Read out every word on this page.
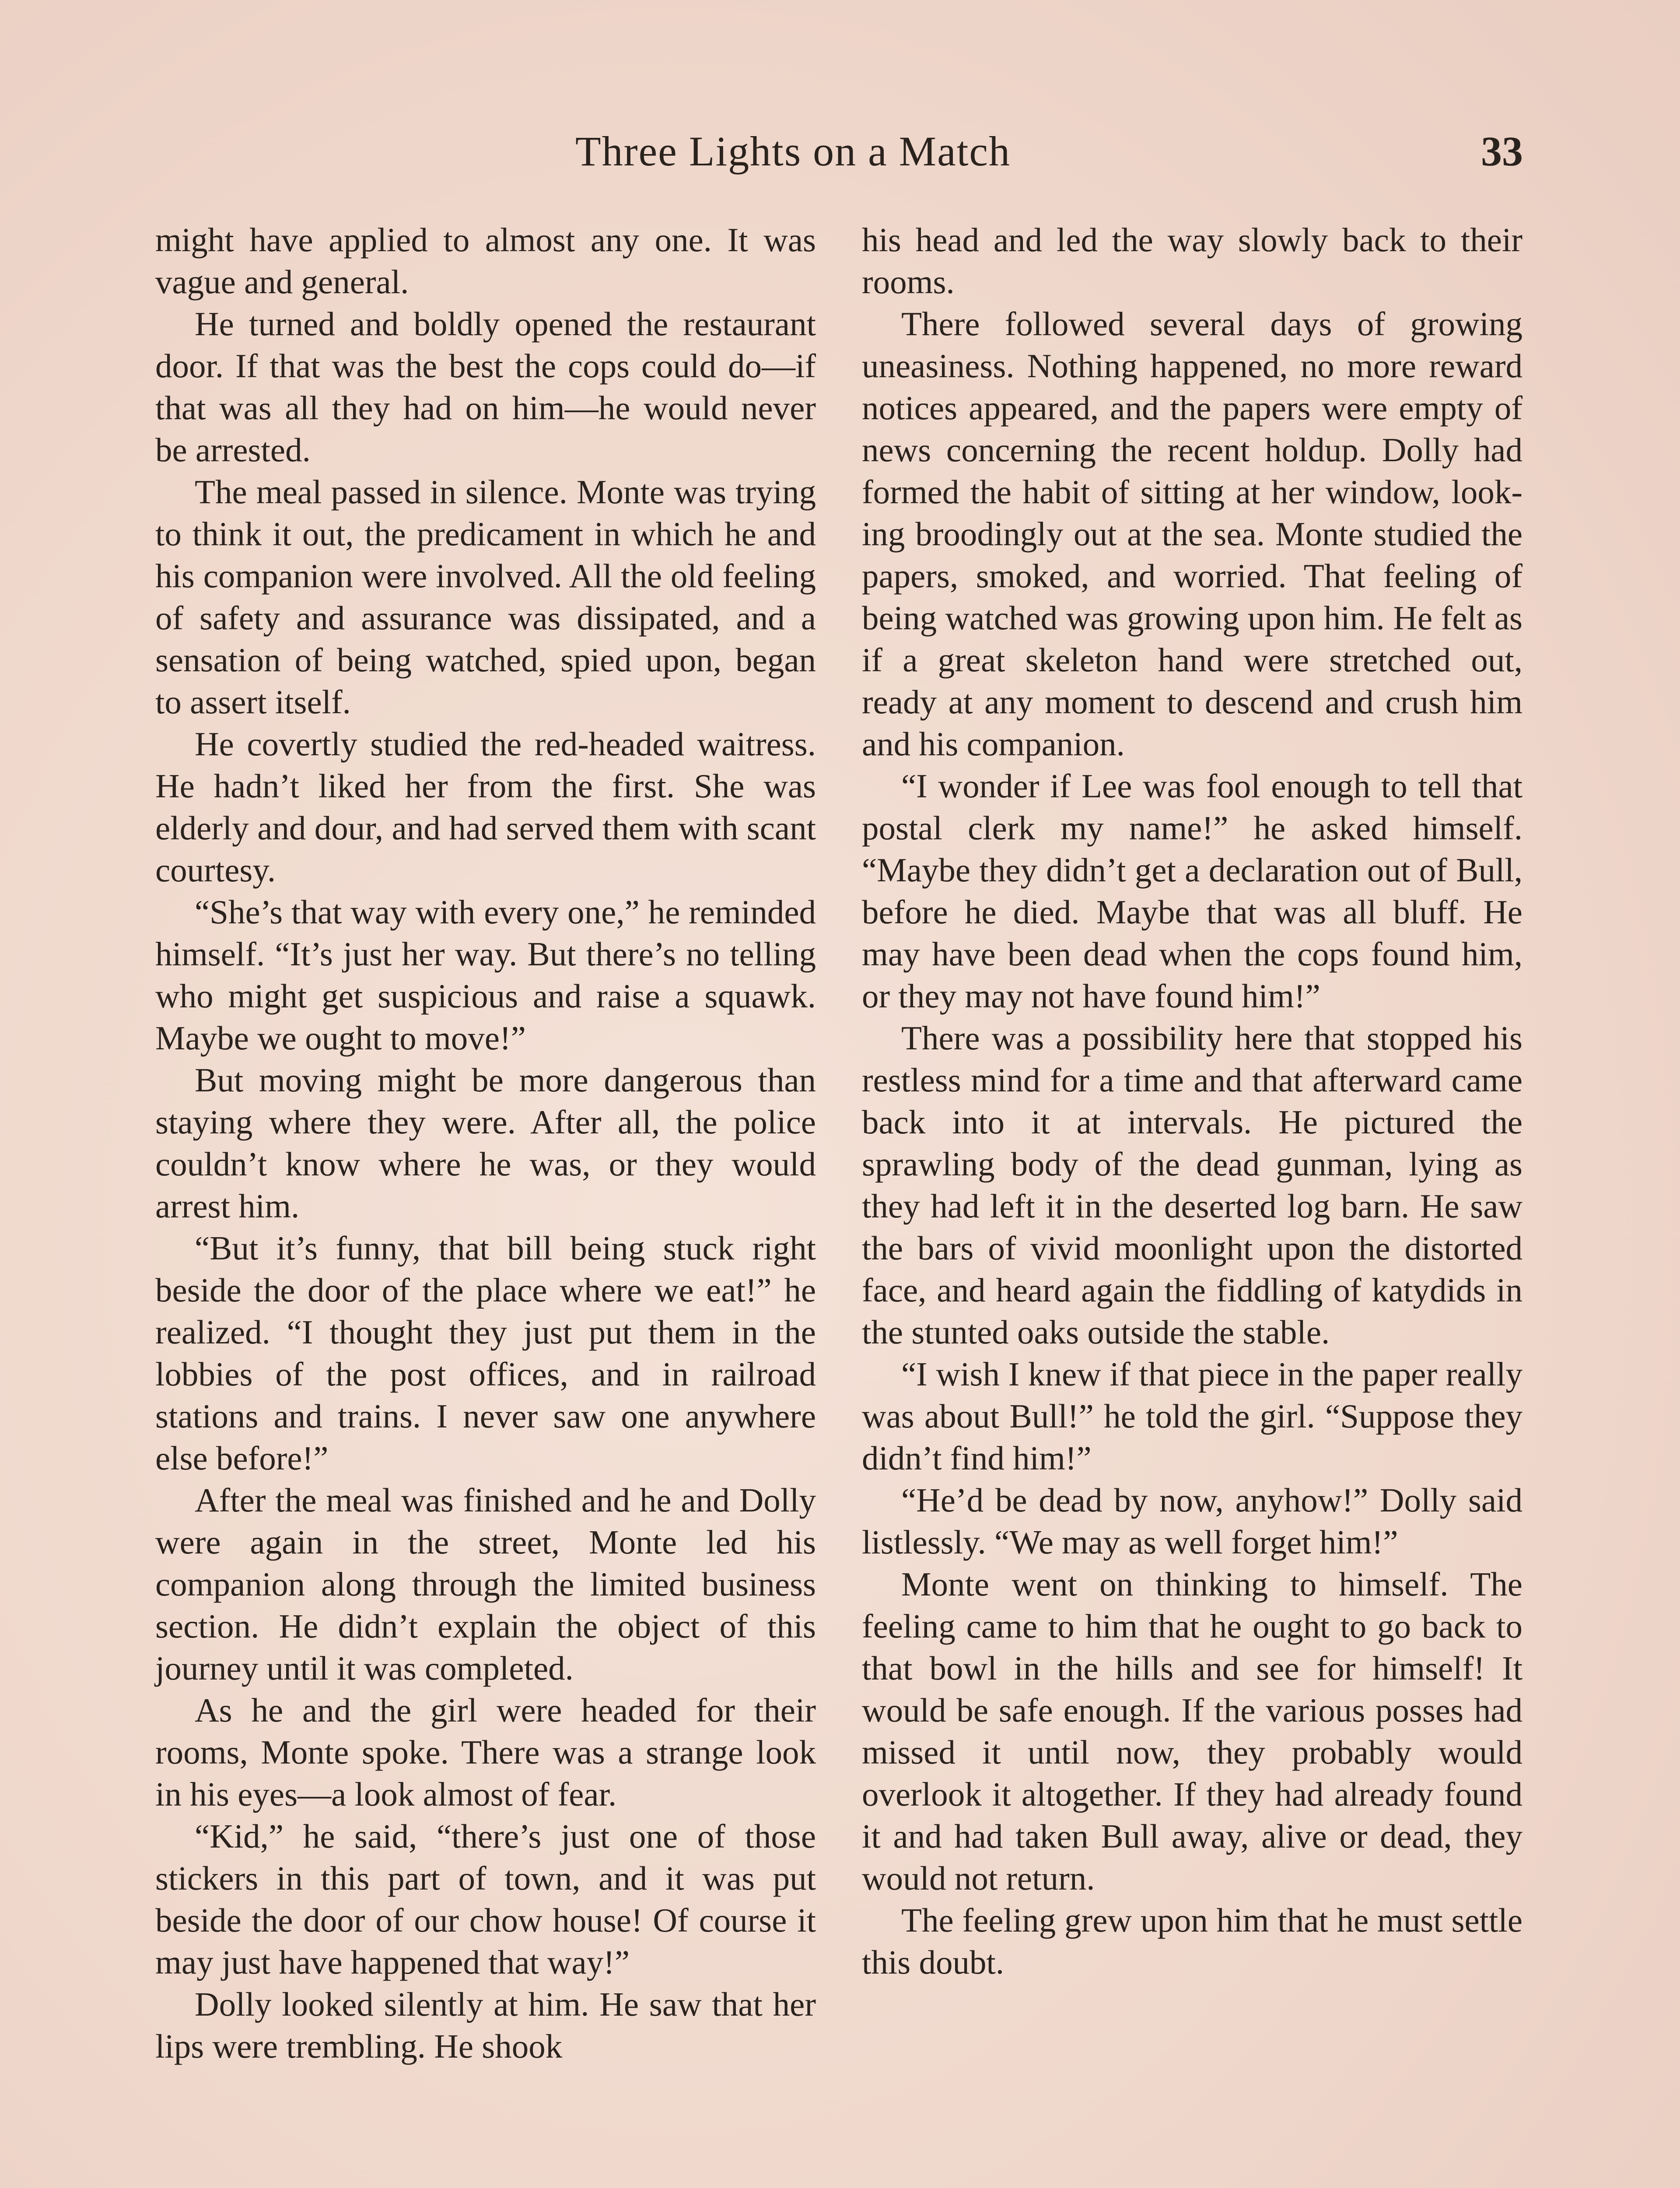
Three Lights on a Match	33

might have applied to almost any one. It was vague and general.

He turned and boldly opened the restaurant door. If that was the best the cops could do—if that was all they had on him—he would never be arrested.

The meal passed in silence. Monte was trying to think it out, the predicament in which he and his companion were involved. All the old feeling of safety and assurance was dissipated, and a sensation of being watched, spied upon, began to assert itself.

He covertly studied the red-headed waitress. He hadn’t liked her from the first. She was elderly and dour, and had served them with scant courtesy.

“She’s that way with every one,” he reminded himself. “It’s just her way. But there’s no telling who might get suspicious and raise a squawk. Maybe we ought to move!”

But moving might be more dangerous than staying where they were. After all, the police couldn’t know where he was, or they would arrest him.

“But it’s funny, that bill being stuck right beside the door of the place where we eat!” he realized. “I thought they just put them in the lobbies of the post offices, and in railroad stations and trains. I never saw one anywhere else before!”

After the meal was finished and he and Dolly were again in the street, Monte led his companion along through the limited business section. He didn’t explain the object of this journey until it was completed.

As he and the girl were headed for their rooms, Monte spoke. There was a strange look in his eyes—a look almost of fear.

“Kid,” he said, “there’s just one of those stickers in this part of town, and it was put beside the door of our chow house! Of course it may just have happened that way!”

Dolly looked silently at him. He saw that her lips were trembling. He shook

his head and led the way slowly back to their rooms.

There followed several days of growing uneasiness. Nothing happened, no more reward notices appeared, and the papers were empty of news concerning the recent holdup. Dolly had formed the habit of sitting at her window, looking broodingly out at the sea. Monte studied the papers, smoked, and worried. That feeling of being watched was growing upon him. He felt as if a great skeleton hand were stretched out, ready at any moment to descend and crush him and his companion.

“I wonder if Lee was fool enough to tell that postal clerk my name!” he asked himself. “Maybe they didn’t get a declaration out of Bull, before he died. Maybe that was all bluff. He may have been dead when the cops found him, or they may not have found him!”

There was a possibility here that stopped his restless mind for a time and that afterward came back into it at intervals. He pictured the sprawling body of the dead gunman, lying as they had left it in the deserted log barn. He saw the bars of vivid moonlight upon the distorted face, and heard again the fiddling of katydids in the stunted oaks outside the stable.

“I wish I knew if that piece in the paper really was about Bull!” he told the girl. “Suppose they didn’t find him!”

“He’d be dead by now, anyhow!” Dolly said listlessly. “We may as well forget him!”

Monte went on thinking to himself. The feeling came to him that he ought to go back to that bowl in the hills and see for himself! It would be safe enough. If the various posses had missed it until now, they probably would overlook it altogether. If they had already found it and had taken Bull away, alive or dead, they would not return.

The feeling grew upon him that he must settle this doubt.
